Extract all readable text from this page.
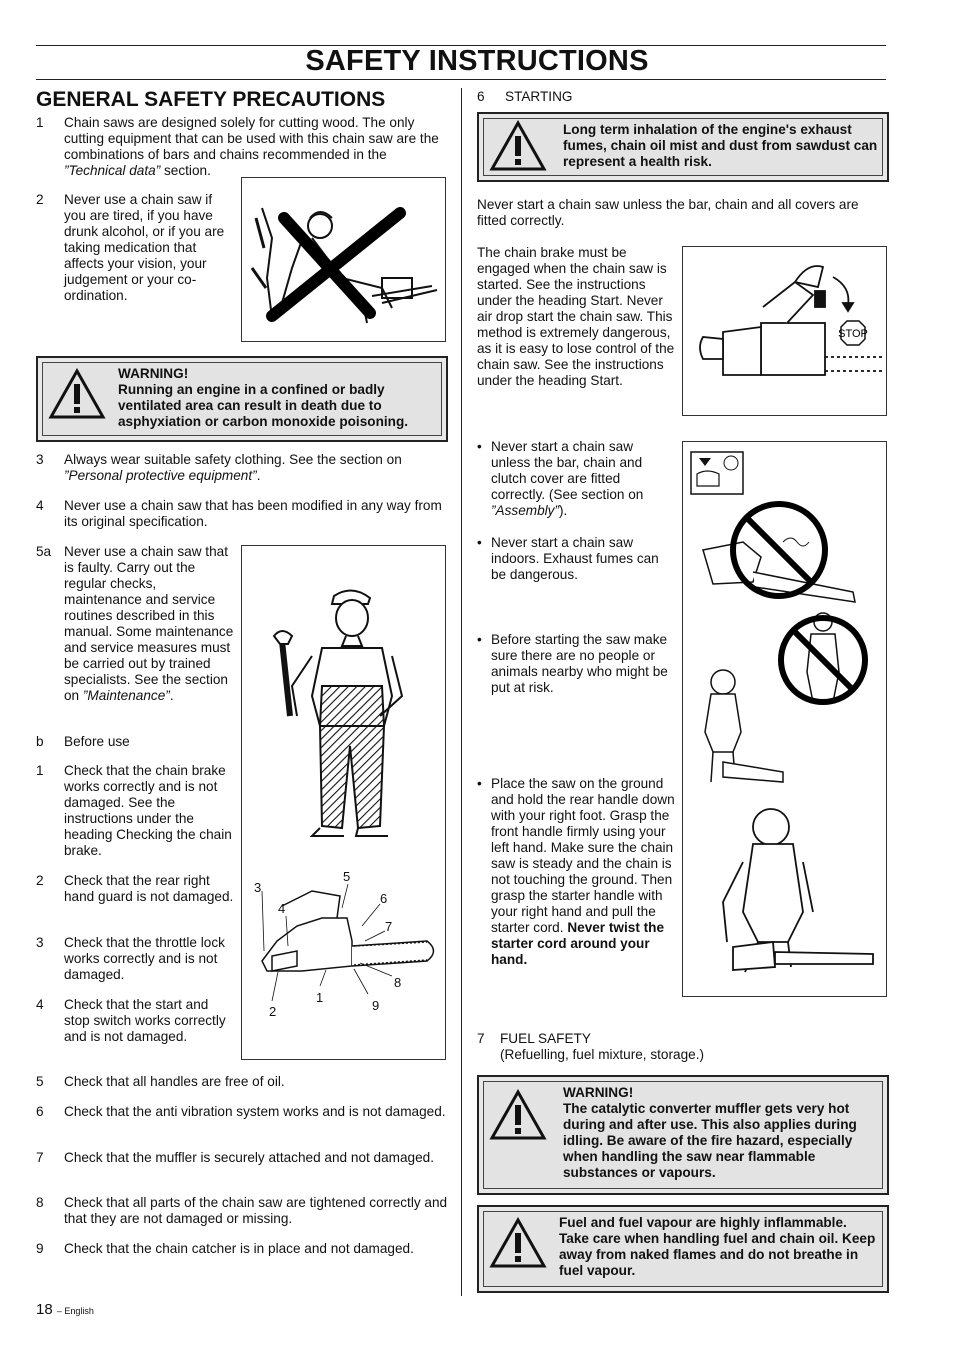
SAFETY INSTRUCTIONS
GENERAL SAFETY PRECAUTIONS
1	Chain saws are designed solely for cutting wood. The only cutting equipment that can be used with this chain saw are the combinations of bars and chains recommended in the ”Technical data” section.
2	Never use a chain saw if you are tired, if you have drunk alcohol, or if you are taking medication that affects your vision, your judgement or your co-ordination.
WARNING!
Running an engine in a confined or badly ventilated area can result in death due to asphyxiation or carbon monoxide poisoning.
3	Always wear suitable safety clothing. See the section on ”Personal protective equipment”.
4	Never use a chain saw that has been modified in any way from its original specification.
5a Never use a chain saw that is faulty. Carry out the regular checks, maintenance and service routines described in this manual. Some maintenance and service measures must be carried out by trained specialists. See the section on ”Maintenance”.
b	Before use
1	Check that the chain brake works correctly and is not damaged. See the instructions under the heading Checking the chain brake.
2	Check that the rear right hand guard is not damaged.
3	Check that the throttle lock works correctly and is not damaged.
4	Check that the start and stop switch works correctly and is not damaged.
1
2
3
4
5
6
7
8
9
5	Check that all handles are free of oil.
6	Check that the anti vibration system works and is not damaged.
7	Check that the muffler is securely attached and not damaged.
8	Check that all parts of the chain saw are tightened correctly and that they are not damaged or missing.
9	Check that the chain catcher is in place and not damaged.
18 – English
6	STARTING
Long term inhalation of the engine's exhaust fumes, chain oil mist and dust from sawdust can represent a health risk.
Never start a chain saw unless the bar, chain and all covers are fitted correctly.
The chain brake must be engaged when the chain saw is started. See the instructions under the heading Start. Never air drop start the chain saw. This method is extremely dangerous, as it is easy to lose control of the chain saw. See the instructions under the heading Start.
STOP
• Never start a chain saw unless the bar, chain and clutch cover are fitted correctly. (See section on ”Assembly”).
• Never start a chain saw indoors. Exhaust fumes can be dangerous.
• Before starting the saw make sure there are no people or animals nearby who might be put at risk.
• Place the saw on the ground and hold the rear handle down with your right foot. Grasp the front handle firmly using your left hand. Make sure the chain saw is steady and the chain is not touching the ground. Then grasp the starter handle with your right hand and pull the starter cord. Never twist the starter cord around your hand.
7	FUEL SAFETY
(Refuelling, fuel mixture, storage.)
WARNING!
The catalytic converter muffler gets very hot during and after use. This also applies during idling. Be aware of the fire hazard, especially when handling the saw near flammable substances or vapours.
Fuel and fuel vapour are highly inflammable. Take care when handling fuel and chain oil. Keep away from naked flames and do not breathe in fuel vapour.
